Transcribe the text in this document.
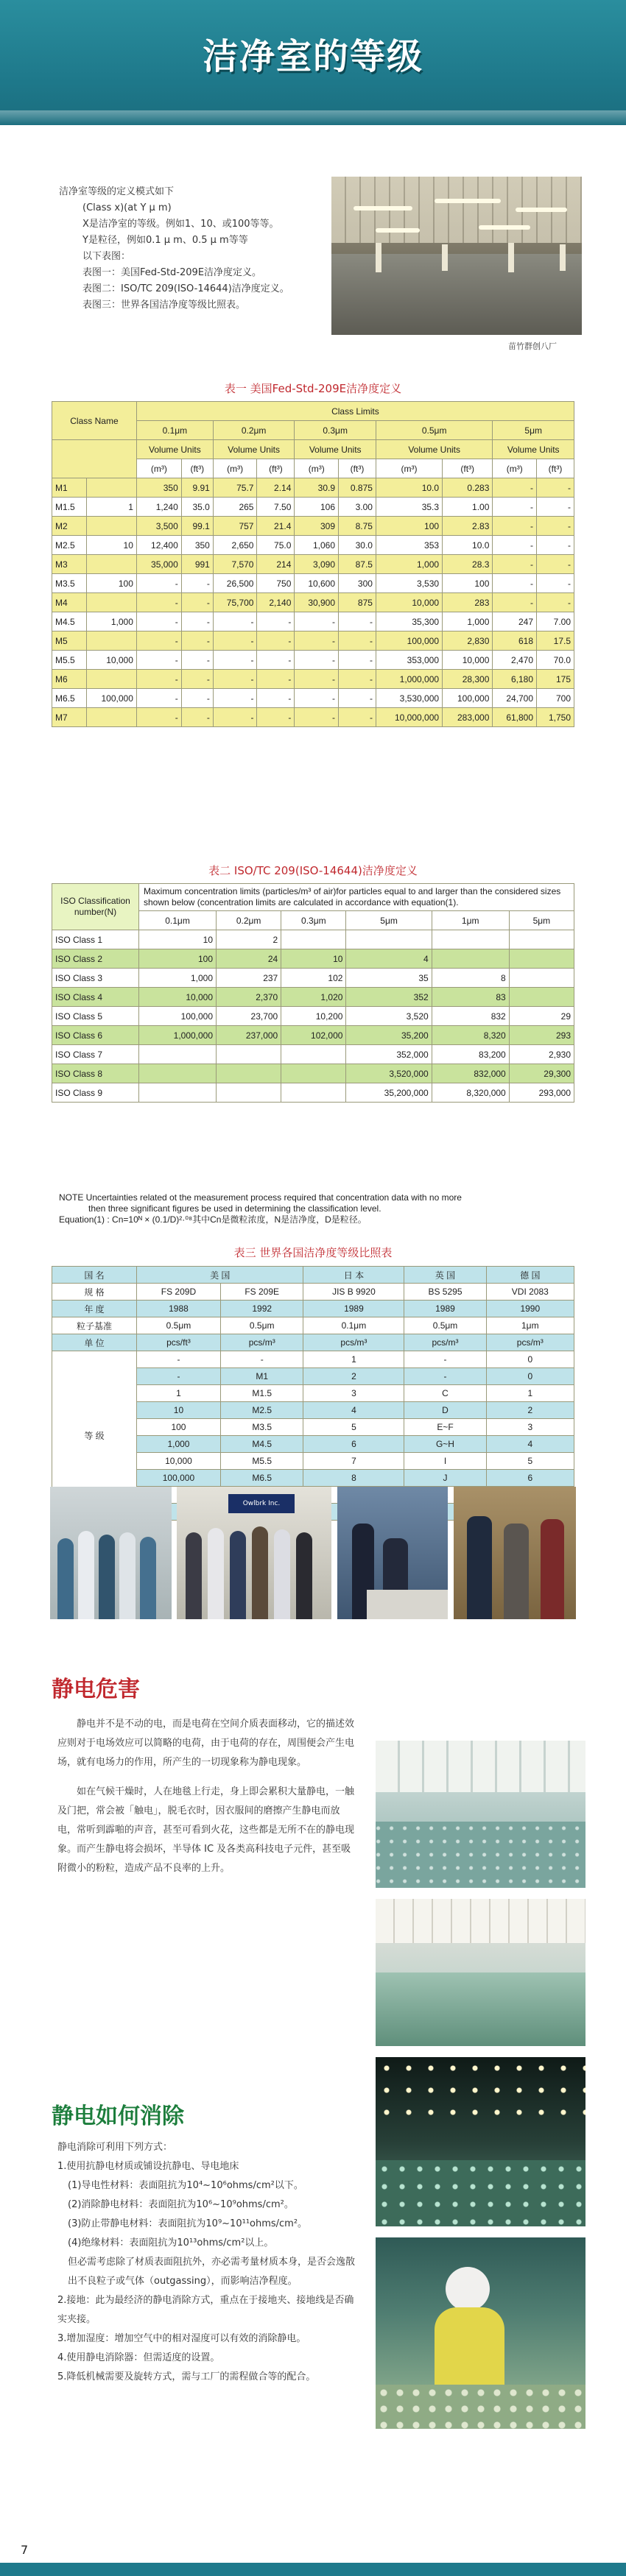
洁净室的等级
洁净室等级的定义模式如下
(Class x)(at Y μ m)
X是洁净室的等级。例如1、10、或100等等。
Y是粒径，例如0.1 μ m、0.5 μ m等等
以下表图：
表图一：美国Fed-Std-209E洁净度定义。
表图二：ISO/TC 209(ISO-14644)洁净度定义。
表图三：世界各国洁净度等级比照表。
苗竹群创八厂
表一 美国Fed-Std-209E洁净度定义
Class Name		Class Limits									
		0.1μm		0.2μm		0.3μm		0.5μm		5μm	
		Volume Units		Volume Units		Volume Units		Volume Units		Volume Units	
		(m³)	(ft³)	(m³)	(ft³)	(m³)	(ft³)	(m³)	(ft³)	(m³)	(ft³)
M1		350	9.91	75.7	2.14	30.9	0.875	10.0	0.283	-	-
M1.5	1	1,240	35.0	265	7.50	106	3.00	35.3	1.00	-	-
M2		3,500	99.1	757	21.4	309	8.75	100	2.83	-	-
M2.5	10	12,400	350	2,650	75.0	1,060	30.0	353	10.0	-	-
M3		35,000	991	7,570	214	3,090	87.5	1,000	28.3	-	-
M3.5	100	-	-	26,500	750	10,600	300	3,530	100	-	-
M4		-	-	75,700	2,140	30,900	875	10,000	283	-	-
M4.5	1,000	-	-	-	-	-	-	35,300	1,000	247	7.00
M5		-	-	-	-	-	-	100,000	2,830	618	17.5
M5.5	10,000	-	-	-	-	-	-	353,000	10,000	2,470	70.0
M6		-	-	-	-	-	-	1,000,000	28,300	6,180	175
M6.5	100,000	-	-	-	-	-	-	3,530,000	100,000	24,700	700
M7		-	-	-	-	-	-	10,000,000	283,000	61,800	1,750
表二 ISO/TC 209(ISO-14644)洁净度定义
ISO Classification number(N)	Maximum concentration limits (particles/m³ of air)for particles equal to and larger than the considered sizes shown below (concentration limits are calculated in accordance with equation(1).					
	0.1μm	0.2μm	0.3μm	5μm	1μm	5μm
ISO Class 1	10	2				
ISO Class 2	100	24	10	4		
ISO Class 3	1,000	237	102	35	8	
ISO Class 4	10,000	2,370	1,020	352	83	
ISO Class 5	100,000	23,700	10,200	3,520	832	29
ISO Class 6	1,000,000	237,000	102,000	35,200	8,320	293
ISO Class 7				352,000	83,200	2,930
ISO Class 8				3,520,000	832,000	29,300
ISO Class 9				35,200,000	8,320,000	293,000
NOTE Uncertainties related ot the measurement process required that concentration data with no more
then three significant figures be used in determining the classification level.
Equation(1) : Cn=10ᴺ × (0.1/D)²·⁰⁸其中Cn是微粒浓度，N是洁净度，D是粒径。
表三 世界各国洁净度等级比照表
国 名	美 国		日 本	英 国	德 国
规 格	FS 209D	FS 209E	JIS B 9920	BS 5295	VDI 2083
年 度	1988	1992	1989	1989	1990
粒子基准	0.5μm	0.5μm	0.1μm	0.5μm	1μm
单 位	pcs/ft³	pcs/m³	pcs/m³	pcs/m³	pcs/m³
等 级	-	-	1	-	0
	-	M1	2	-	0
	1	M1.5	3	C	1
	10	M2.5	4	D	2
	100	M3.5	5	E~F	3
	1,000	M4.5	6	G~H	4
	10,000	M5.5	7	I	5
	100,000	M6.5	8	J	6

Owlbrk Inc.
静电危害

静电并不是不动的电，而是电荷在空间介质表面移动，它的描述效应则对于电场效应可以简略的电荷，由于电荷的存在，周围便会产生电场，就有电场力的作用，所产生的一切现象称为静电现象。

如在气候干燥时，人在地毯上行走，身上即会累积大量静电，一触及门把，常会被「触电」，脱毛衣时，因衣服间的磨擦产生静电而放电，常听到霹啪的声音，甚至可看到火花，这些都是无所不在的静电现象。而产生静电将会损坏，半导体 IC 及各类高科技电子元件，甚至吸附微小的粉粒，造成产品不良率的上升。

静电如何消除
静电消除可利用下列方式：
1.使用抗静电材质或铺设抗静电、导电地床
(1)导电性材料：表面阻抗为10⁴~10⁶ohms/cm²以下。
(2)消除静电材料：表面阻抗为10⁶~10⁹ohms/cm²。
(3)防止带静电材料：表面阻抗为10⁹~10¹¹ohms/cm²。
(4)绝缘材料：表面阻抗为10¹³ohms/cm²以上。
但必需考虑除了材质表面阻抗外，亦必需考量材质本身，是否会逸散出不良粒子或气体（outgassing），而影响洁净程度。
2.接地：此为最经济的静电消除方式，重点在于接地夹、接地线是否确实夹接。
3.增加湿度：增加空气中的相对湿度可以有效的消除静电。
4.使用静电消除器：但需适度的设置。
5.降低机械需要及旋转方式，需与工厂的需程做合等的配合。
7
